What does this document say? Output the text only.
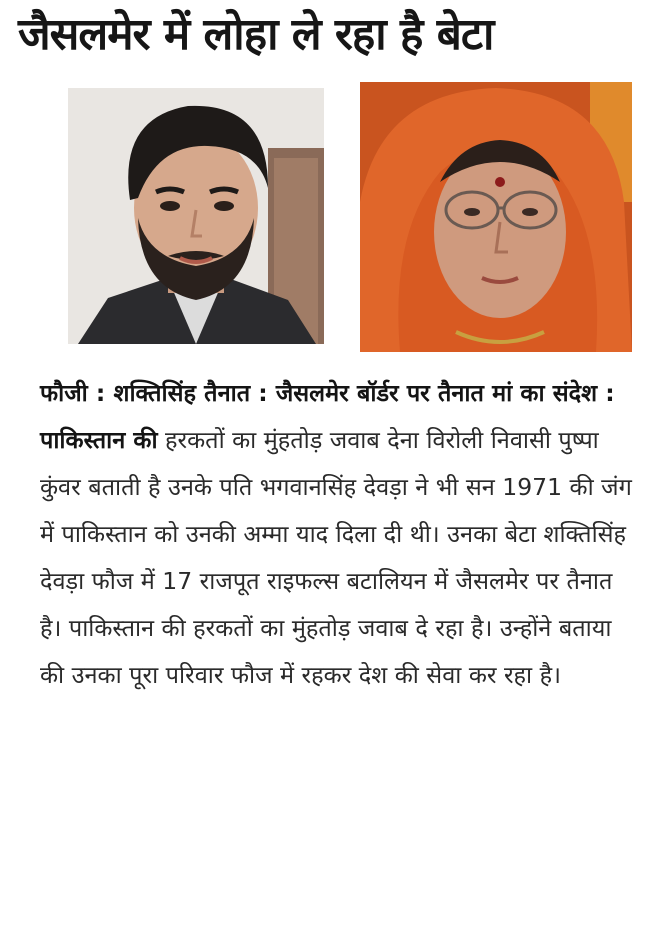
जैसलमेर में लोहा ले रहा है बेटा
फौजी : शक्तिसिंह तैनात : जैसलमेर बॉर्डर पर तैनात मां का संदेश : पाकिस्तान की हरकतों का मुंहतोड़ जवाब देना विरोली निवासी पुष्पा कुंवर बताती है उनके पति भगवानसिंह देवड़ा ने भी सन 1971 की जंग में पाकिस्तान को उनकी अम्मा याद दिला दी थी। उनका बेटा शक्तिसिंह देवड़ा फौज में 17 राजपूत राइफल्स बटालियन में जैसलमेर पर तैनात है। पाकिस्तान की हरकतों का मुंहतोड़ जवाब दे रहा है। उन्होंने बताया की उनका पूरा परिवार फौज में रहकर देश की सेवा कर रहा है।
